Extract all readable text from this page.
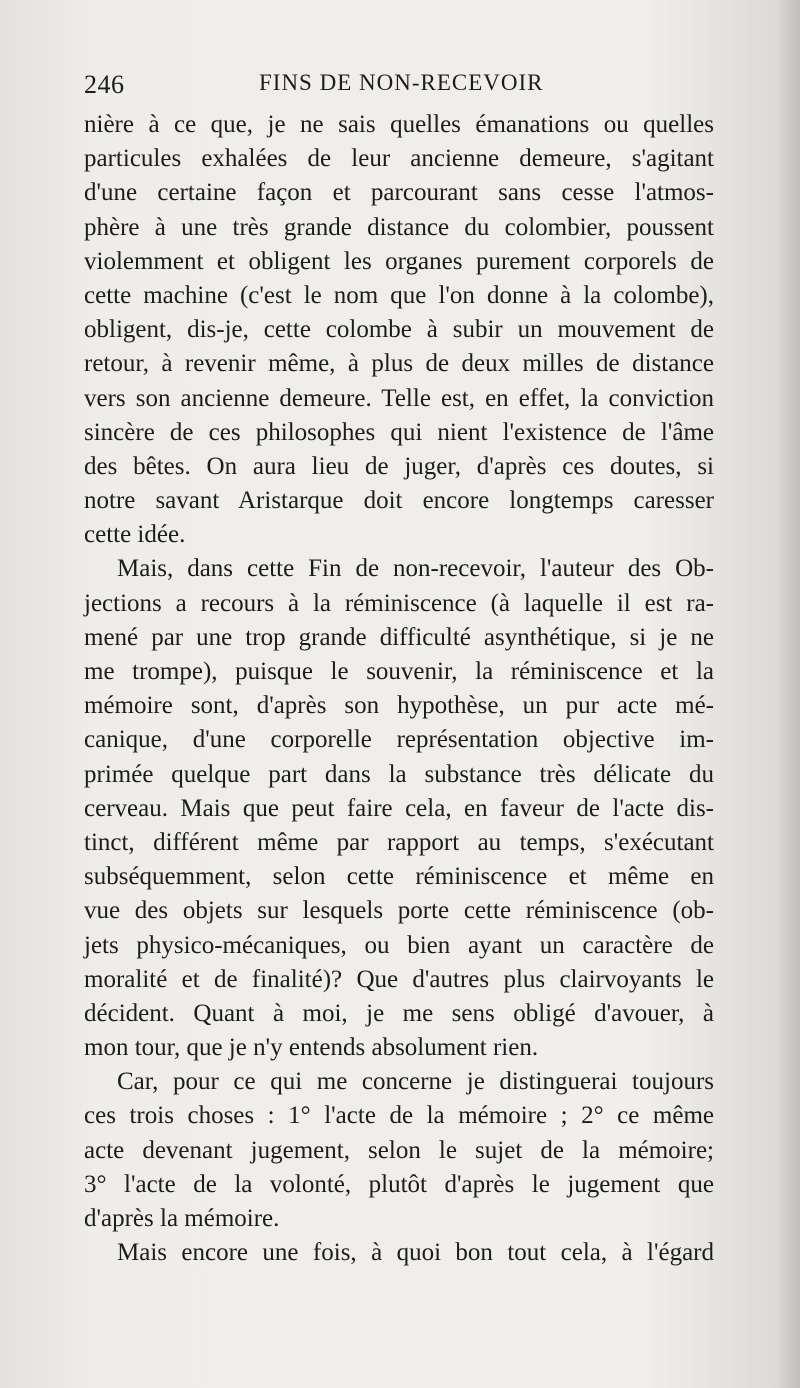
246	FINS DE NON-RECEVOIR
nière à ce que, je ne sais quelles émanations ou quelles
particules exhalées de leur ancienne demeure, s'agitant
d'une certaine façon et parcourant sans cesse l'atmos-
phère à une très grande distance du colombier, poussent
violemment et obligent les organes purement corporels de
cette machine (c'est le nom que l'on donne à la colombe),
obligent, dis-je, cette colombe à subir un mouvement de
retour, à revenir même, à plus de deux milles de distance
vers son ancienne demeure. Telle est, en effet, la conviction
sincère de ces philosophes qui nient l'existence de l'âme
des bêtes. On aura lieu de juger, d'après ces doutes, si
notre savant Aristarque doit encore longtemps caresser
cette idée.
Mais, dans cette Fin de non-recevoir, l'auteur des Ob-
jections a recours à la réminiscence (à laquelle il est ra-
mené par une trop grande difficulté asynthétique, si je ne
me trompe), puisque le souvenir, la réminiscence et la
mémoire sont, d'après son hypothèse, un pur acte mé-
canique, d'une corporelle représentation objective im-
primée quelque part dans la substance très délicate du
cerveau. Mais que peut faire cela, en faveur de l'acte dis-
tinct, différent même par rapport au temps, s'exécutant
subséquemment, selon cette réminiscence et même en
vue des objets sur lesquels porte cette réminiscence (ob-
jets physico-mécaniques, ou bien ayant un caractère de
moralité et de finalité)? Que d'autres plus clairvoyants le
décident. Quant à moi, je me sens obligé d'avouer, à
mon tour, que je n'y entends absolument rien.
Car, pour ce qui me concerne je distinguerai toujours
ces trois choses : 1° l'acte de la mémoire ; 2° ce même
acte devenant jugement, selon le sujet de la mémoire;
3° l'acte de la volonté, plutôt d'après le jugement que
d'après la mémoire.
Mais encore une fois, à quoi bon tout cela, à l'égard
